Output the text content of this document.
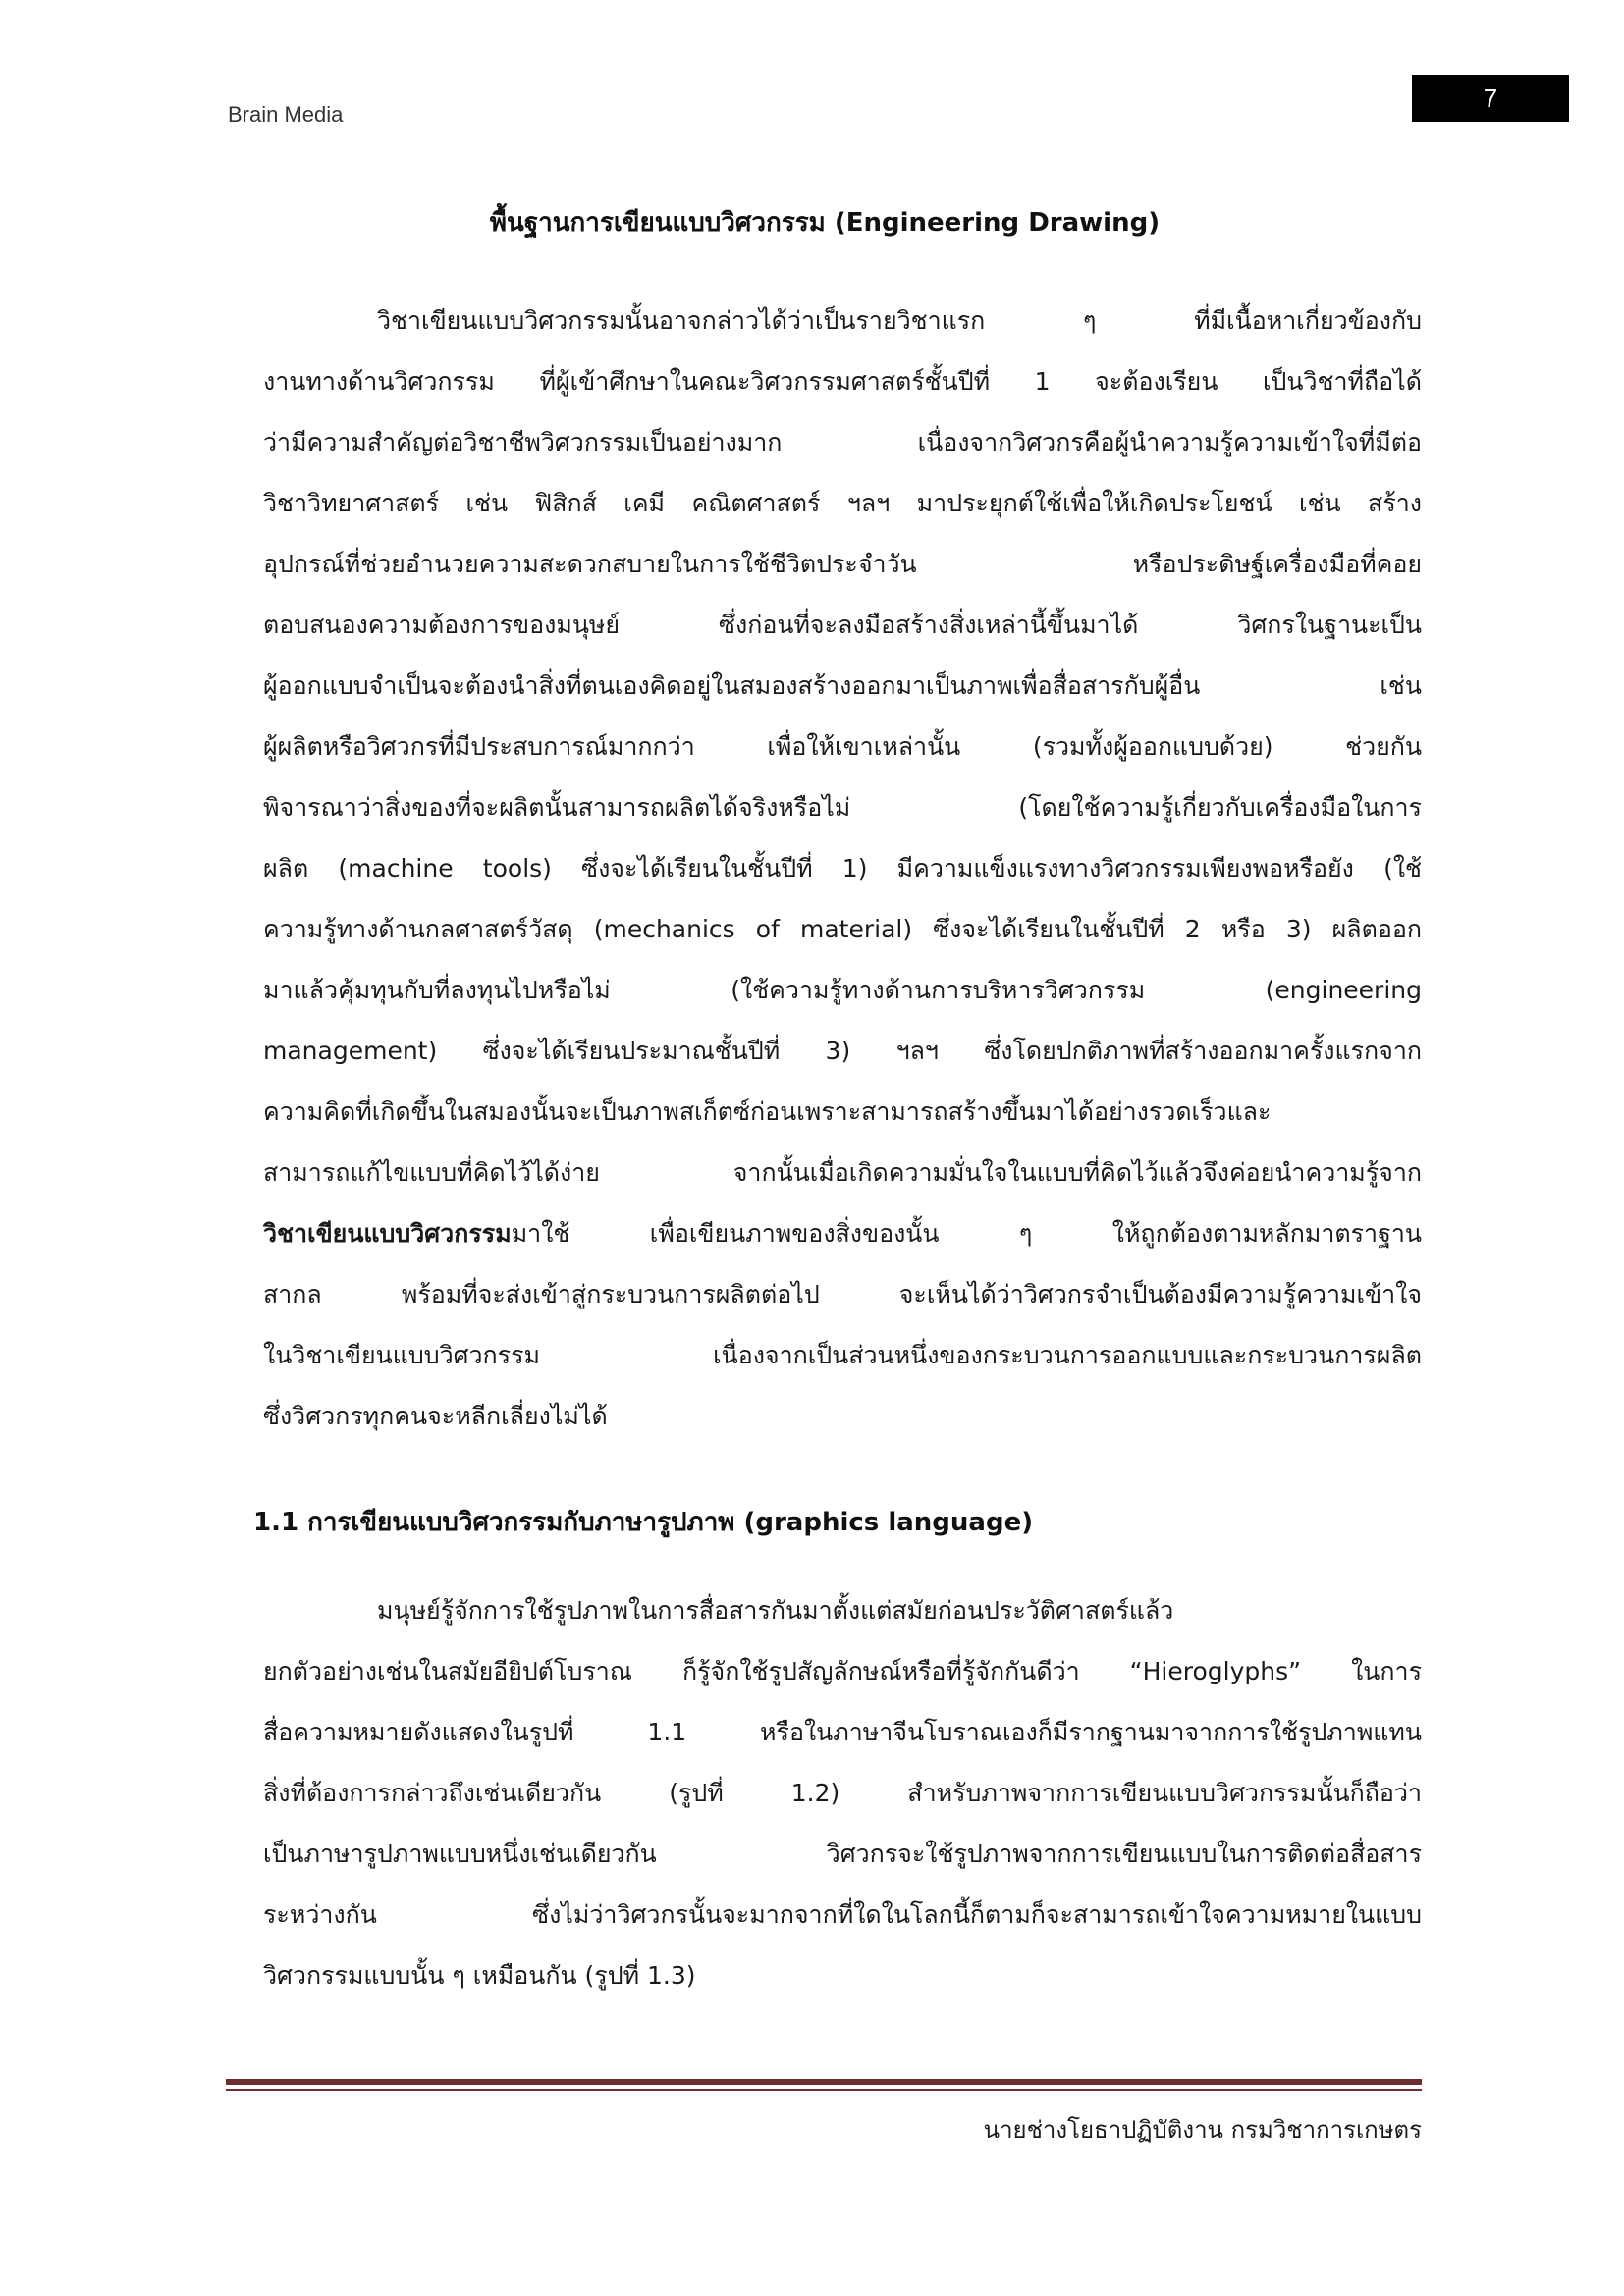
Brain Media
7
พื้นฐานการเขียนแบบวิศวกรรม (Engineering Drawing)
วิชาเขียนแบบวิศวกรรมนั้นอาจกล่าวได้ว่าเป็นรายวิชาแรก ๆ ที่มีเนื้อหาเกี่ยวข้องกับ
งานทางด้านวิศวกรรม ที่ผู้เข้าศึกษาในคณะวิศวกรรมศาสตร์ชั้นปีที่ 1 จะต้องเรียน เป็นวิชาที่ถือได้
ว่ามีความสำคัญต่อวิชาชีพวิศวกรรมเป็นอย่างมาก เนื่องจากวิศวกรคือผู้นำความรู้ความเข้าใจที่มีต่อ
วิชาวิทยาศาสตร์ เช่น ฟิสิกส์ เคมี คณิตศาสตร์ ฯลฯ มาประยุกต์ใช้เพื่อให้เกิดประโยชน์ เช่น สร้าง
อุปกรณ์ที่ช่วยอำนวยความสะดวกสบายในการใช้ชีวิตประจำวัน หรือประดิษฐ์เครื่องมือที่คอย
ตอบสนองความต้องการของมนุษย์ ซึ่งก่อนที่จะลงมือสร้างสิ่งเหล่านี้ขึ้นมาได้ วิศกรในฐานะเป็น
ผู้ออกแบบจำเป็นจะต้องนำสิ่งที่ตนเองคิดอยู่ในสมองสร้างออกมาเป็นภาพเพื่อสื่อสารกับผู้อื่น เช่น
ผู้ผลิตหรือวิศวกรที่มีประสบการณ์มากกว่า เพื่อให้เขาเหล่านั้น (รวมทั้งผู้ออกแบบด้วย) ช่วยกัน
พิจารณาว่าสิ่งของที่จะผลิตนั้นสามารถผลิตได้จริงหรือไม่ (โดยใช้ความรู้เกี่ยวกับเครื่องมือในการ
ผลิต (machine tools) ซึ่งจะได้เรียนในชั้นปีที่ 1) มีความแข็งแรงทางวิศวกรรมเพียงพอหรือยัง (ใช้
ความรู้ทางด้านกลศาสตร์วัสดุ (mechanics of material) ซึ่งจะได้เรียนในชั้นปีที่ 2 หรือ 3) ผลิตออก
มาแล้วคุ้มทุนกับที่ลงทุนไปหรือไม่ (ใช้ความรู้ทางด้านการบริหารวิศวกรรม (engineering
management) ซึ่งจะได้เรียนประมาณชั้นปีที่ 3) ฯลฯ ซึ่งโดยปกติภาพที่สร้างออกมาครั้งแรกจาก
ความคิดที่เกิดขึ้นในสมองนั้นจะเป็นภาพสเก็ตซ์ก่อนเพราะสามารถสร้างขึ้นมาได้อย่างรวดเร็วและ
สามารถแก้ไขแบบที่คิดไว้ได้ง่าย จากนั้นเมื่อเกิดความมั่นใจในแบบที่คิดไว้แล้วจึงค่อยนำความรู้จาก
วิชาเขียนแบบวิศวกรรมมาใช้ เพื่อเขียนภาพของสิ่งของนั้น ๆ ให้ถูกต้องตามหลักมาตราฐาน
สากล พร้อมที่จะส่งเข้าสู่กระบวนการผลิตต่อไป จะเห็นได้ว่าวิศวกรจำเป็นต้องมีความรู้ความเข้าใจ
ในวิชาเขียนแบบวิศวกรรม เนื่องจากเป็นส่วนหนึ่งของกระบวนการออกแบบและกระบวนการผลิต
ซึ่งวิศวกรทุกคนจะหลีกเลี่ยงไม่ได้
1.1 การเขียนแบบวิศวกรรมกับภาษารูปภาพ (graphics language)
มนุษย์รู้จักการใช้รูปภาพในการสื่อสารกันมาตั้งแต่สมัยก่อนประวัติศาสตร์แล้ว
ยกตัวอย่างเช่นในสมัยอียิปต์โบราณ ก็รู้จักใช้รูปสัญลักษณ์หรือที่รู้จักกันดีว่า “Hieroglyphs” ในการ
สื่อความหมายดังแสดงในรูปที่ 1.1 หรือในภาษาจีนโบราณเองก็มีรากฐานมาจากการใช้รูปภาพแทน
สิ่งที่ต้องการกล่าวถึงเช่นเดียวกัน (รูปที่ 1.2) สำหรับภาพจากการเขียนแบบวิศวกรรมนั้นก็ถือว่า
เป็นภาษารูปภาพแบบหนึ่งเช่นเดียวกัน วิศวกรจะใช้รูปภาพจากการเขียนแบบในการติดต่อสื่อสาร
ระหว่างกัน ซึ่งไม่ว่าวิศวกรนั้นจะมากจากที่ใดในโลกนี้ก็ตามก็จะสามารถเข้าใจความหมายในแบบ
วิศวกรรมแบบนั้น ๆ เหมือนกัน (รูปที่ 1.3)
นายช่างโยธาปฏิบัติงาน กรมวิชาการเกษตร
